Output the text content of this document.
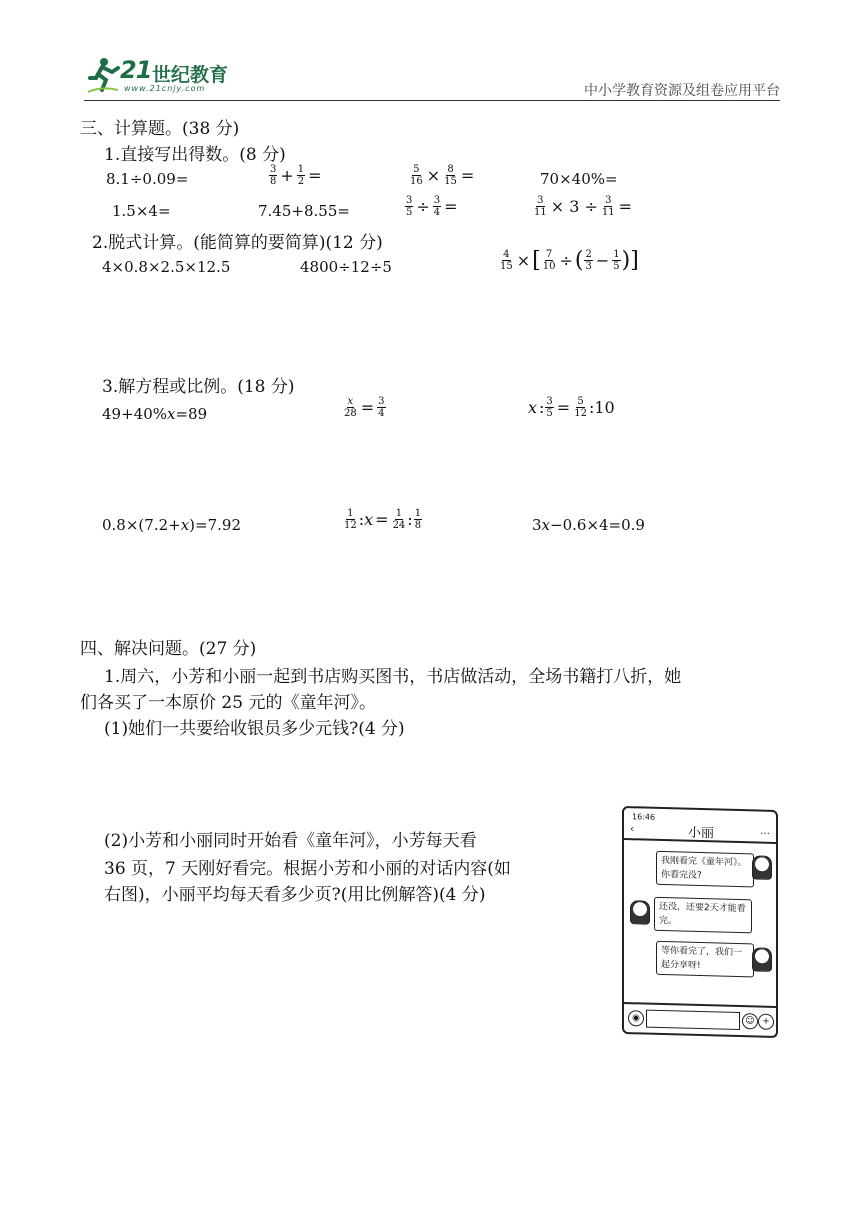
21 世纪教育
www.21cnjy.com	中小学教育资源及组卷应用平台
三、计算题。(38 分)
1.直接写出得数。(8 分)
8.1÷0.09=	$\frac{3}{8} + \frac{1}{2}$ =	$\frac{5}{16} \times \frac{8}{15}$ =	70×40%=
1.5×4=	7.45+8.55=	$\frac{3}{5} \div \frac{3}{4}$ =	$\frac{3}{11} \times 3 \div \frac{3}{11}$ =
2.脱式计算。(能简算的要简算)(12 分)
4×0.8×2.5×12.5	4800÷12÷5	$\frac{4}{15}$ ×[ $\frac{7}{10}$ ÷( $\frac{2}{3} - \frac{1}{5}$ )]
3.解方程或比例。(18 分)
49+40%x=89	$\frac{x}{28} = \frac{3}{4}$	x : $\frac{3}{5} = \frac{5}{12}$ :10
0.8×(7.2+x)=7.92	$\frac{1}{12}$ :x = $\frac{1}{24}$ : $\frac{1}{8}$	3x−0.6×4=0.9
四、解决问题。(27 分)
1.周六，小芳和小丽一起到书店购买图书，书店做活动，全场书籍打八折，她
们各买了一本原价 25 元的《童年河》。
(1)她们一共要给收银员多少元钱?(4 分)
(2)小芳和小丽同时开始看《童年河》，小芳每天看
36 页，7 天刚好看完。根据小芳和小丽的对话内容(如
右图)，小丽平均每天看多少页?(用比例解答)(4 分)
16:46
‹	小丽	…
我刚看完《童年河》。你看完没?
还没，还要2天才能看完。
等你看完了，我们一起分享呀!
◉	☺ +
